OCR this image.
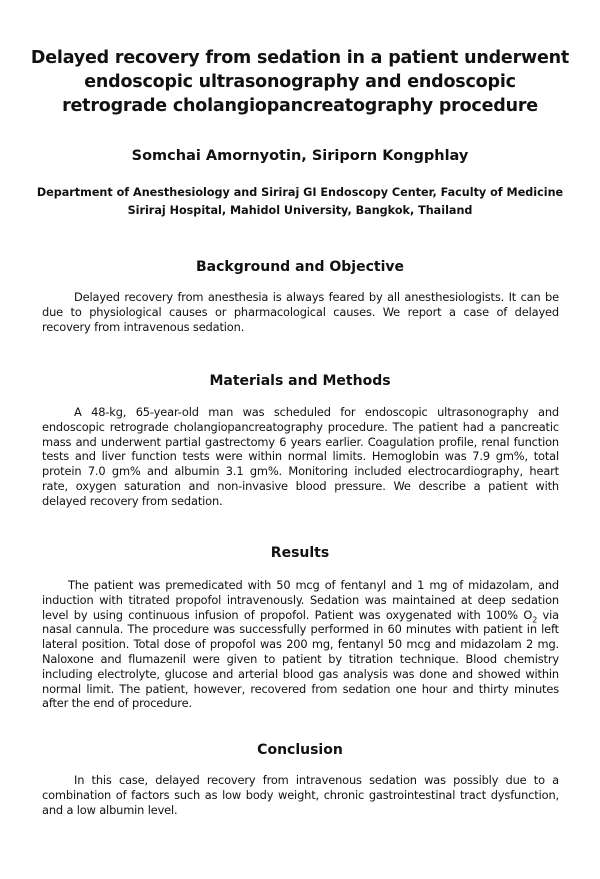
Delayed recovery from sedation in a patient underwent endoscopic ultrasonography and endoscopic retrograde cholangiopancreatography procedure

Somchai Amornyotin, Siriporn Kongphlay

Department of Anesthesiology and Siriraj GI Endoscopy Center, Faculty of Medicine
Siriraj Hospital, Mahidol University, Bangkok, Thailand
Background and Objective

Delayed recovery from anesthesia is always feared by all anesthesiologists. It can be due to physiological causes or pharmacological causes. We report a case of delayed recovery from intravenous sedation.

Materials and Methods

A 48-kg, 65-year-old man was scheduled for endoscopic ultrasonography and endoscopic retrograde cholangiopancreatography procedure. The patient had a pancreatic mass and underwent partial gastrectomy 6 years earlier. Coagulation profile, renal function tests and liver function tests were within normal limits. Hemoglobin was 7.9 gm%, total protein 7.0 gm% and albumin 3.1 gm%. Monitoring included electrocardiography, heart rate, oxygen saturation and non-invasive blood pressure. We describe a patient with delayed recovery from sedation.

Results

The patient was premedicated with 50 mcg of fentanyl and 1 mg of midazolam, and induction with titrated propofol intravenously. Sedation was maintained at deep sedation level by using continuous infusion of propofol. Patient was oxygenated with 100% $O_2$ via nasal cannula. The procedure was successfully performed in 60 minutes with patient in left lateral position. Total dose of propofol was 200 mg, fentanyl 50 mcg and midazolam 2 mg. Naloxone and flumazenil were given to patient by titration technique. Blood chemistry including electrolyte, glucose and arterial blood gas analysis was done and showed within normal limit. The patient, however, recovered from sedation one hour and thirty minutes after the end of procedure.

Conclusion

In this case, delayed recovery from intravenous sedation was possibly due to a combination of factors such as low body weight, chronic gastrointestinal tract dysfunction, and a low albumin level.
